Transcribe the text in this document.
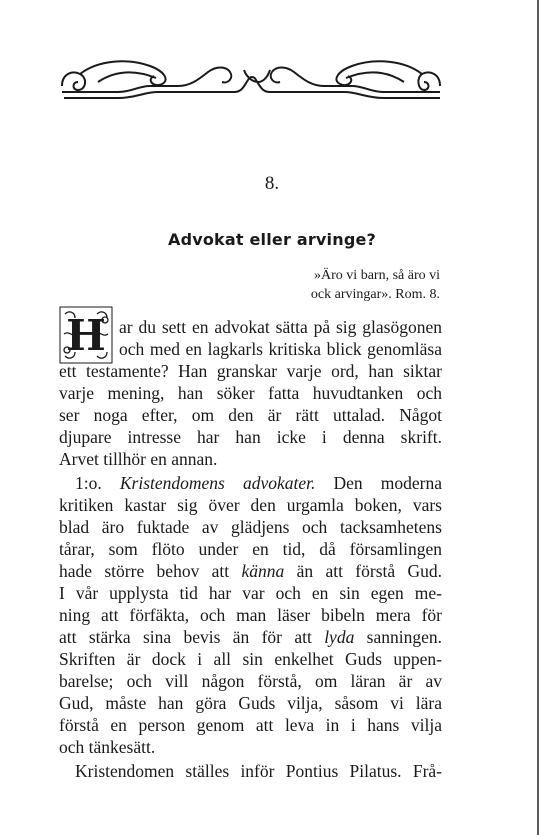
8.
Advokat eller arvinge?
»Äro vi barn, så äro vi
ock arvingar». Rom. 8.
H ar du sett en advokat sätta på sig glasögonen
och med en lagkarls kritiska blick genomläsa
ett testamente? Han granskar varje ord, han siktar
varje mening, han söker fatta huvudtanken och
ser noga efter, om den är rätt uttalad. Något
djupare intresse har han icke i denna skrift.
Arvet tillhör en annan.
1:o. Kristendomens advokater. Den moderna
kritiken kastar sig över den urgamla boken, vars
blad äro fuktade av glädjens och tacksamhetens
tårar, som flöto under en tid, då församlingen
hade större behov att känna än att förstå Gud.
I vår upplysta tid har var och en sin egen me-
ning att förfäkta, och man läser bibeln mera för
att stärka sina bevis än för att lyda sanningen.
Skriften är dock i all sin enkelhet Guds uppen-
barelse; och vill någon förstå, om läran är av
Gud, måste han göra Guds vilja, såsom vi lära
förstå en person genom att leva in i hans vilja
och tänkesätt.
Kristendomen ställes inför Pontius Pilatus. Frå-
